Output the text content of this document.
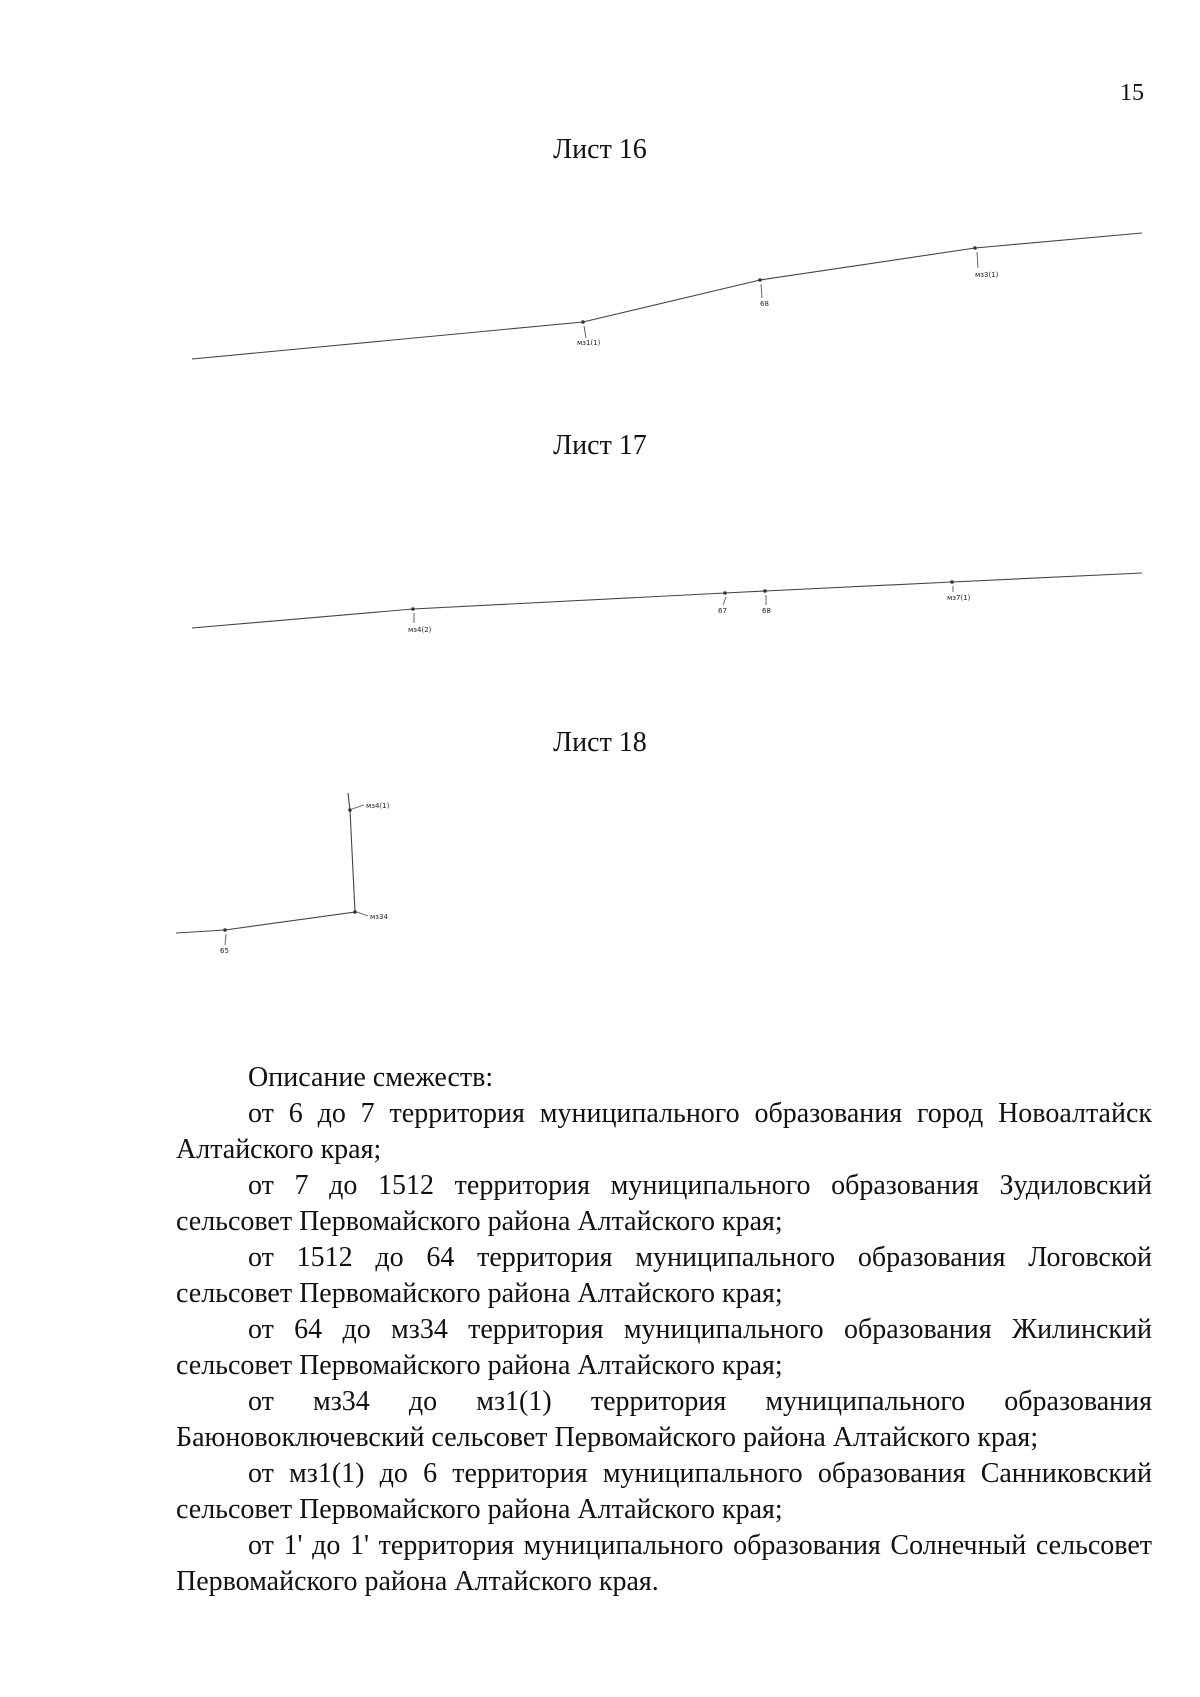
15
Лист 16
мз3(1)
68
мз1(1)
Лист 17
мз4(2)
67	68
мз7(1)
Лист 18
мз4(1)
мз34
65

Описание смежеств:

от 6 до 7 территория муниципального образования город Новоалтайск Алтайского края;

от 7 до 1512 территория муниципального образования Зудиловский сельсовет Первомайского района Алтайского края;

от 1512 до 64 территория муниципального образования Логовской сельсовет Первомайского района Алтайского края;

от 64 до мз34 территория муниципального образования Жилинский сельсовет Первомайского района Алтайского края;

от мз34 до мз1(1) территория муниципального образования Баюновоключевский сельсовет Первомайского района Алтайского края;

от мз1(1) до 6 территория муниципального образования Санниковский сельсовет Первомайского района Алтайского края;

от 1' до 1' территория муниципального образования Солнечный сельсовет Первомайского района Алтайского края.
